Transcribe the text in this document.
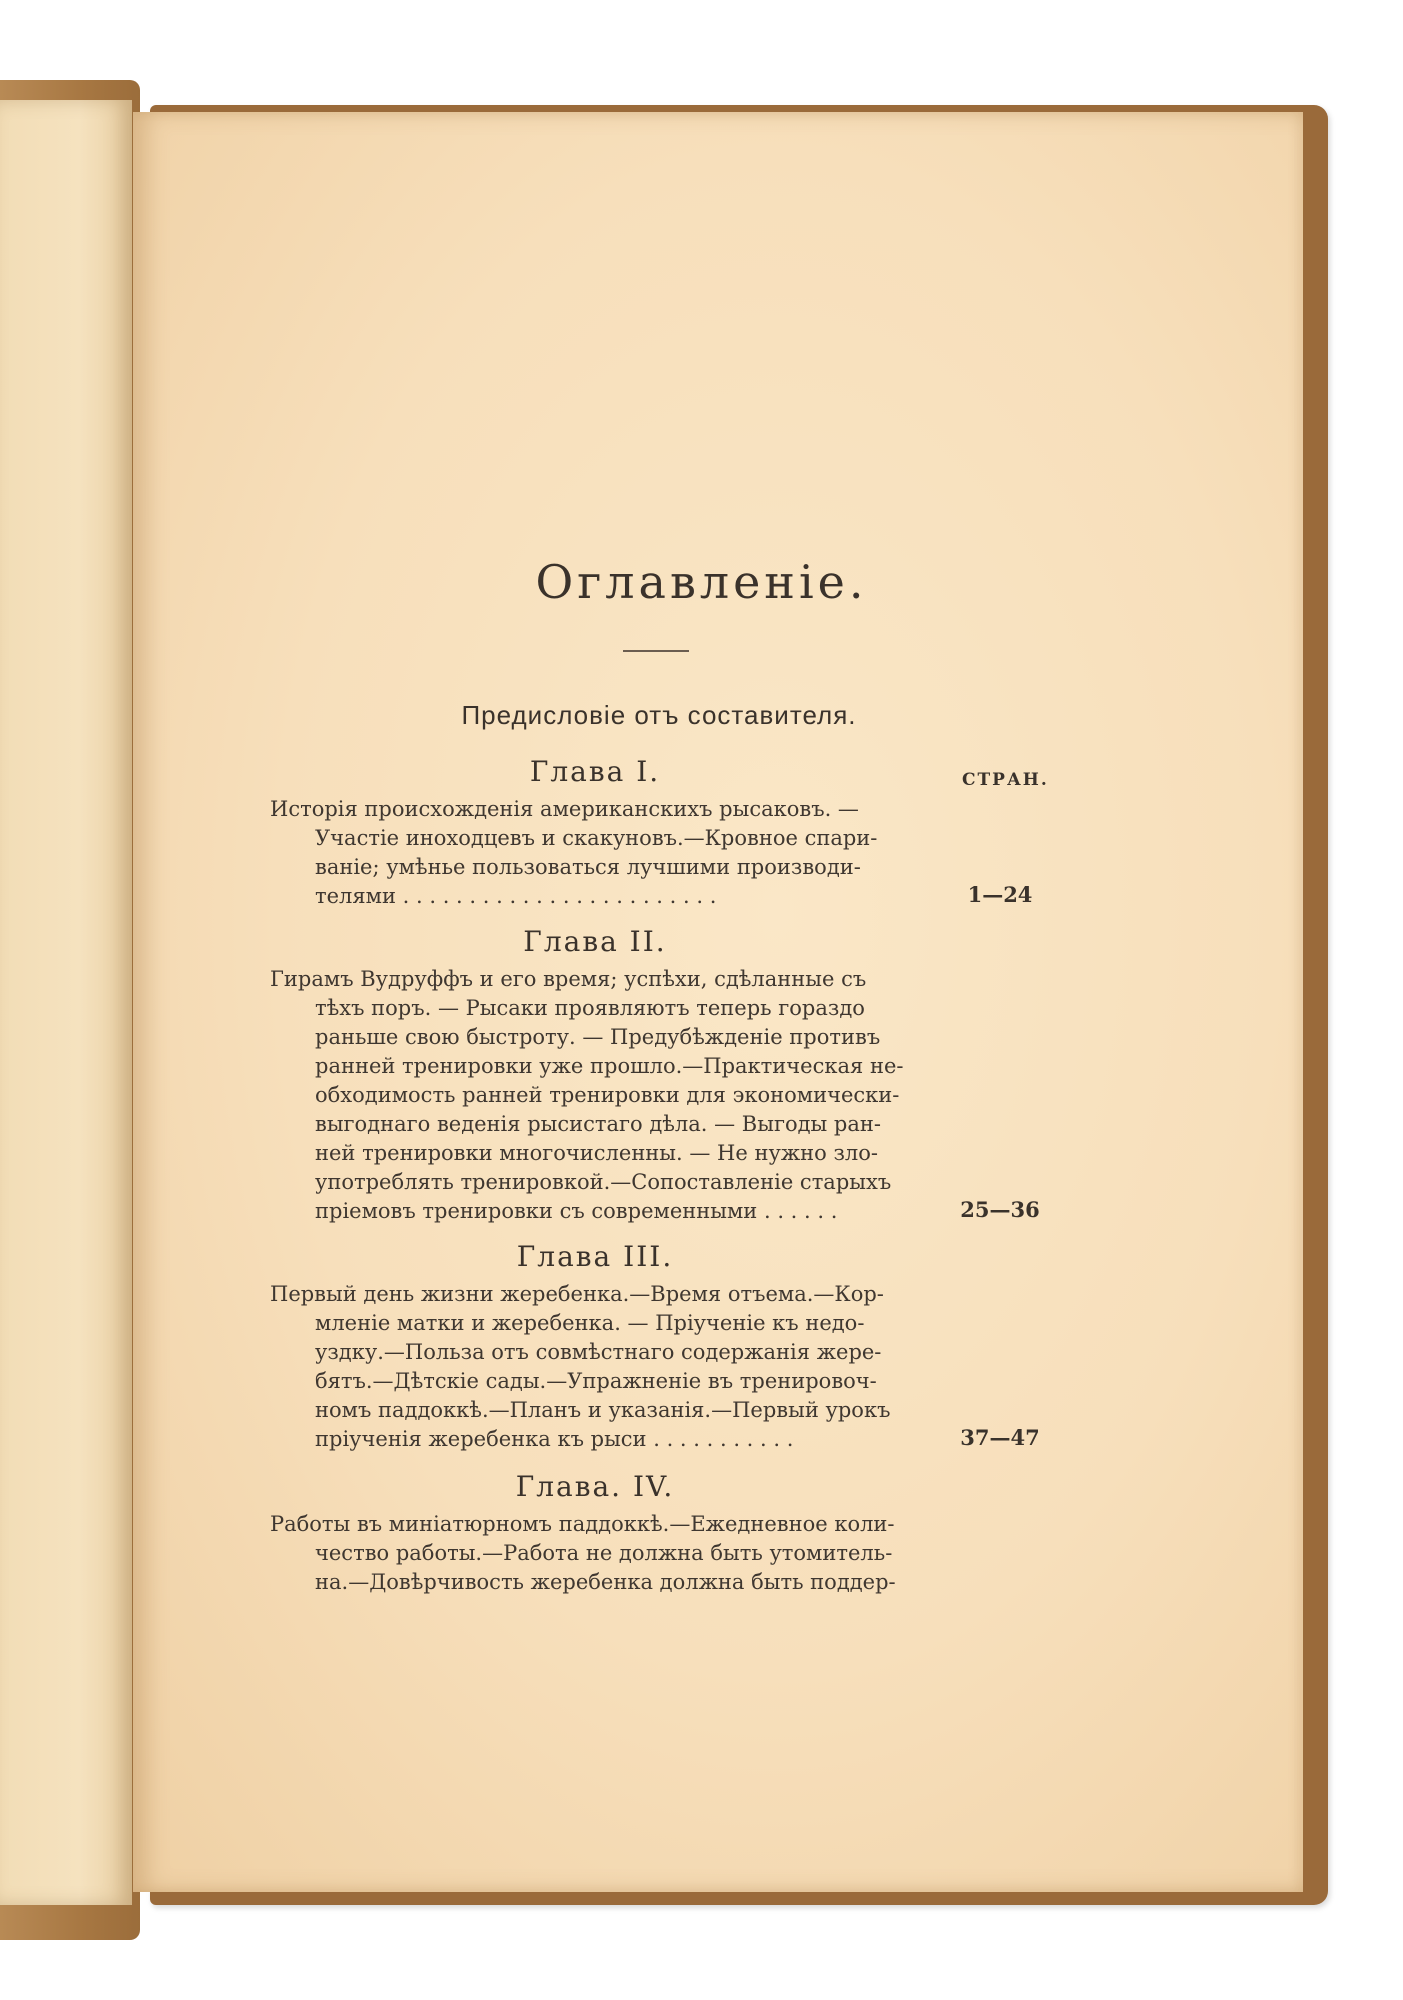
Оглавленіе.
Предисловіе отъ составителя.
СТРАН.
Глава I.
Исторія происхожденія американскихъ рысаковъ. —
Участіе иноходцевъ и скакуновъ.—Кровное спари-
ваніе; умѣнье пользоваться лучшими производи-
телями . . . . . . . . . . . . . . . . . . . . . . . .	1—24
Глава II.
Гирамъ Вудруффъ и его время; успѣхи, сдѣланные съ
тѣхъ поръ. — Рысаки проявляютъ теперь гораздо
раньше свою быстроту. — Предубѣжденіе противъ
ранней тренировки уже прошло.—Практическая не-
обходимость ранней тренировки для экономически-
выгоднаго веденія рысистаго дѣла. — Выгоды ран-
ней тренировки многочисленны. — Не нужно зло-
употреблять тренировкой.—Сопоставленіе старыхъ
пріемовъ тренировки съ современными . . . . . .	25—36
Глава III.
Первый день жизни жеребенка.—Время отъема.—Кор-
мленіе матки и жеребенка. — Пріученіе къ недо-
уздку.—Польза отъ совмѣстнаго содержанія жере-
бятъ.—Дѣтскіе сады.—Упражненіе въ тренировоч-
номъ паддоккѣ.—Планъ и указанія.—Первый урокъ
пріученія жеребенка къ рыси . . . . . . . . . . .	37—47
Глава. IV.
Работы въ миніатюрномъ паддоккѣ.—Ежедневное коли-
чество работы.—Работа не должна быть утомитель-
на.—Довѣрчивость жеребенка должна быть поддер-
